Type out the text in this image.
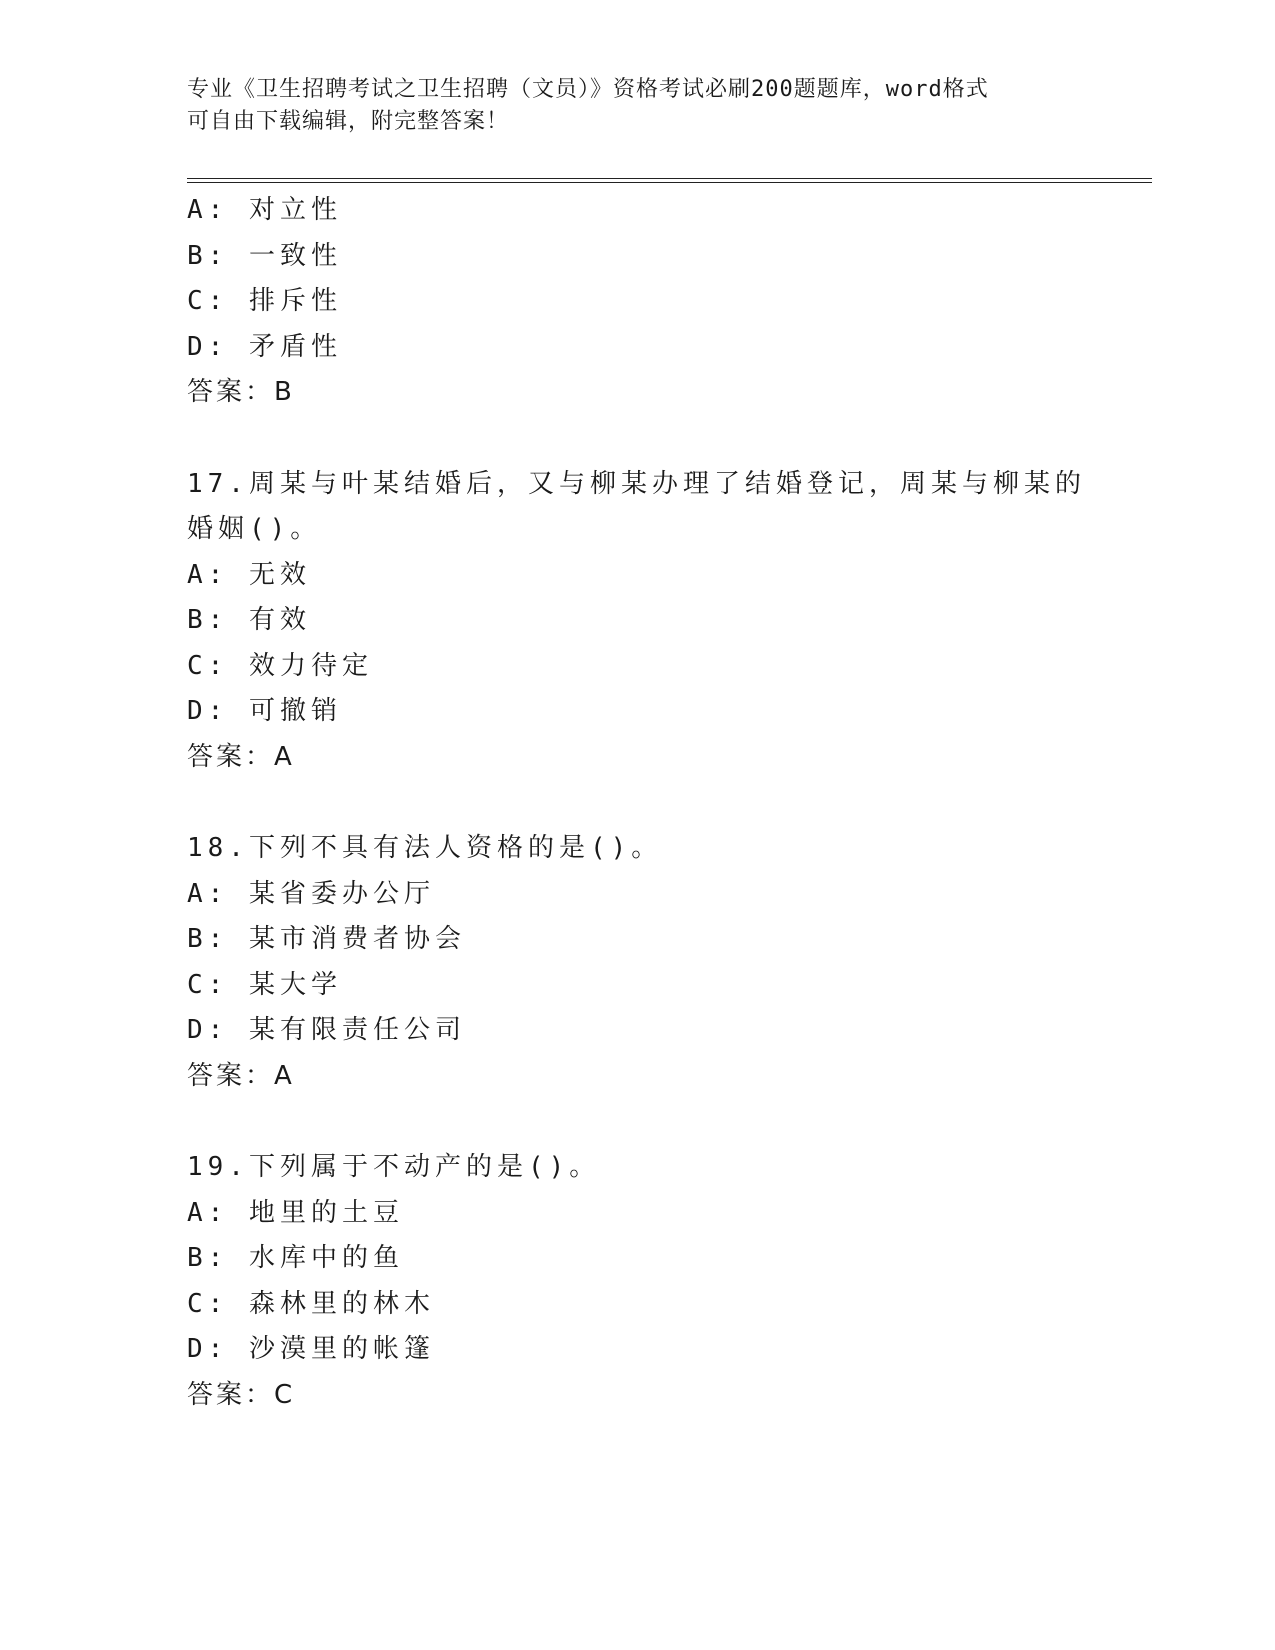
专业《卫生招聘考试之卫生招聘（文员）》资格考试必刷200题题库，word格式
可自由下载编辑，附完整答案！
A: 对立性
B: 一致性
C: 排斥性
D: 矛盾性
答案：B
17.周某与叶某结婚后，又与柳某办理了结婚登记，周某与柳某的婚姻()。
A: 无效
B: 有效
C: 效力待定
D: 可撤销
答案：A
18.下列不具有法人资格的是()。
A: 某省委办公厅
B: 某市消费者协会
C: 某大学
D: 某有限责任公司
答案：A
19.下列属于不动产的是()。
A: 地里的土豆
B: 水库中的鱼
C: 森林里的林木
D: 沙漠里的帐篷
答案：C
